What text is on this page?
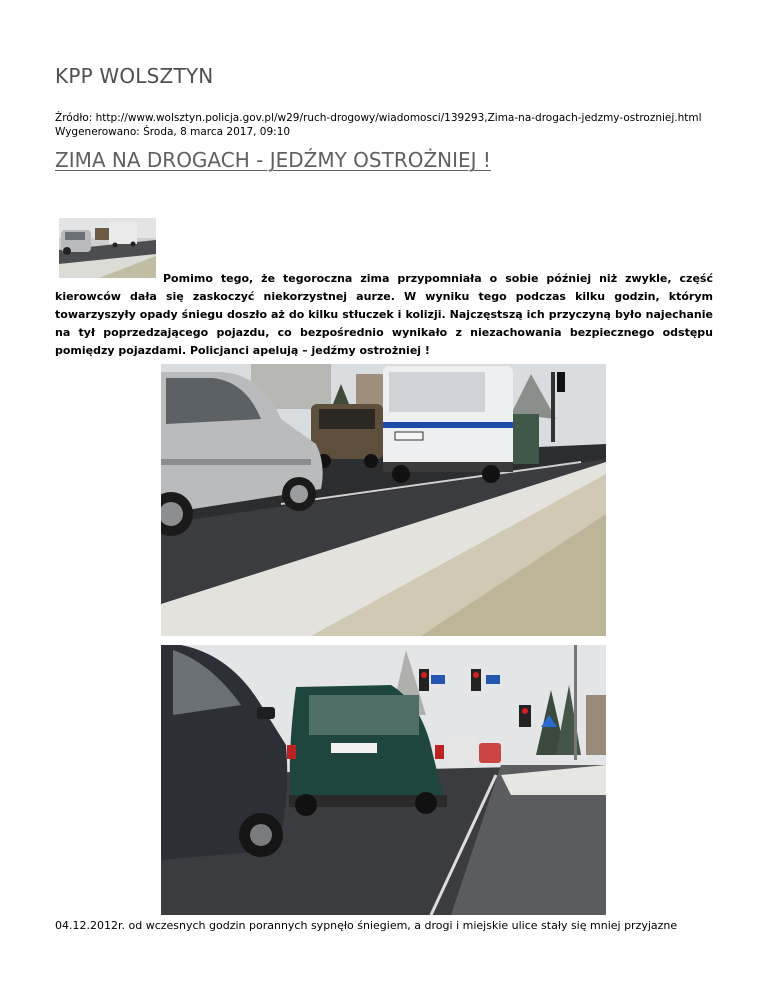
KPP WOLSZTYN
Źródło: http://www.wolsztyn.policja.gov.pl/w29/ruch-drogowy/wiadomosci/139293,Zima-na-drogach-jedzmy-ostrozniej.html
Wygenerowano: Środa, 8 marca 2017, 09:10
ZIMA NA DROGACH - JEDŹMY OSTROŻNIEJ !
Pomimo tego, że tegoroczna zima przypomniała o sobie później niż zwykle, część kierowców dała się zaskoczyć niekorzystnej aurze. W wyniku tego podczas kilku godzin, którym towarzyszyły opady śniegu doszło aż do kilku stłuczek i kolizji. Najczęstszą ich przyczyną było najechanie na tył poprzedzającego pojazdu, co bezpośrednio wynikało z niezachowania bezpiecznego odstępu pomiędzy pojazdami. Policjanci apelują – jedźmy ostrożniej !
04.12.2012r. od wczesnych godzin porannych sypnęło śniegiem, a drogi i miejskie ulice stały się mniej przyjazne
